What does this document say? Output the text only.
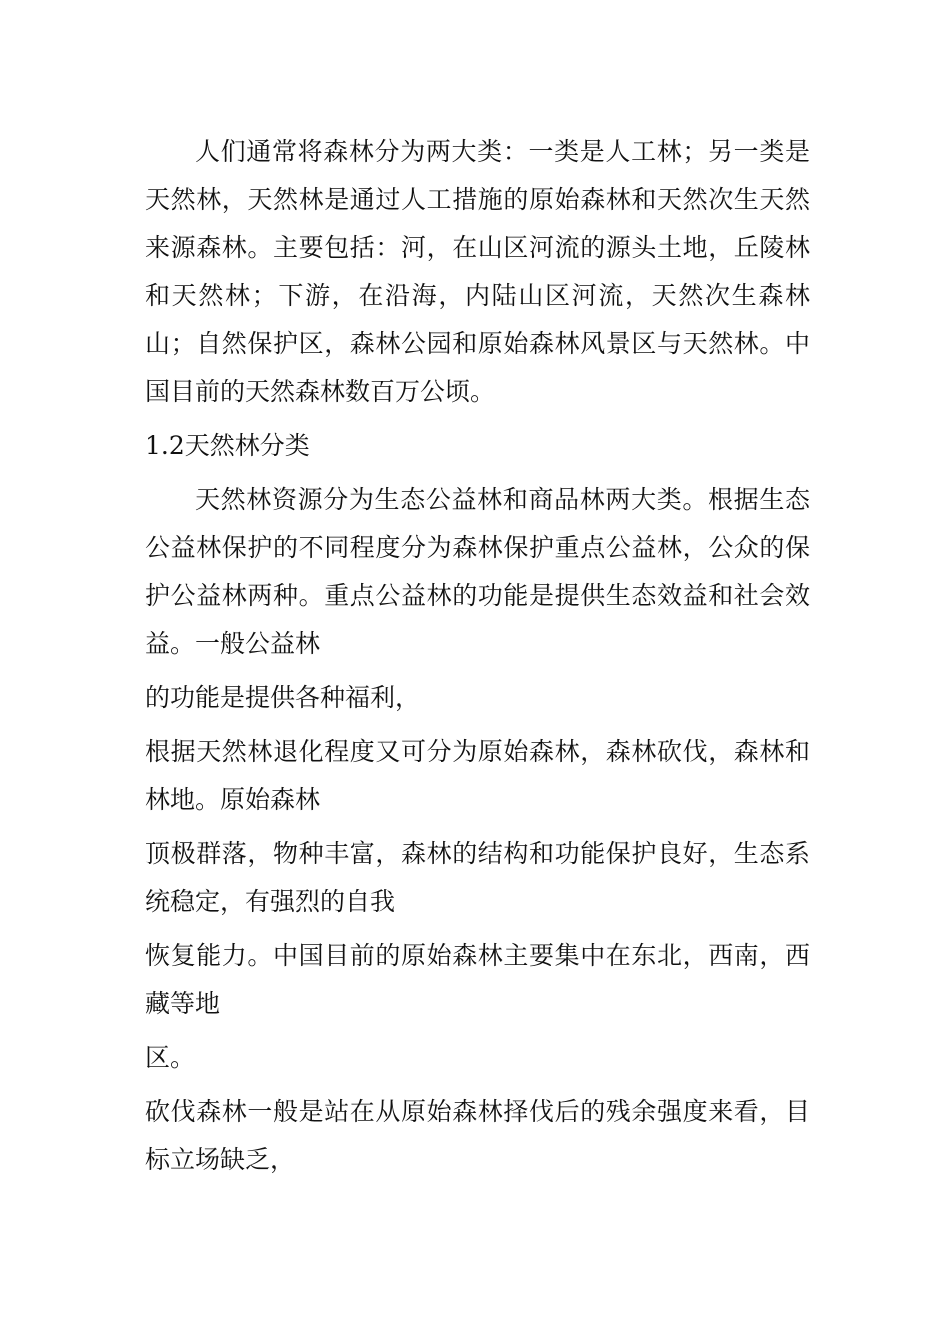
人们通常将森林分为两大类：一类是人工林；另一类是天然林，天然林是通过人工措施的原始森林和天然次生天然来源森林。主要包括：河，在山区河流的源头土地，丘陵林和天然林；下游，在沿海，内陆山区河流，天然次生森林山；自然保护区，森林公园和原始森林风景区与天然林。中国目前的天然森林数百万公顷。

1.2天然林分类

天然林资源分为生态公益林和商品林两大类。根据生态公益林保护的不同程度分为森林保护重点公益林，公众的保护公益林两种。重点公益林的功能是提供生态效益和社会效益。一般公益林

的功能是提供各种福利，

根据天然林退化程度又可分为原始森林，森林砍伐，森林和林地。原始森林

顶极群落，物种丰富，森林的结构和功能保护良好，生态系统稳定，有强烈的自我

恢复能力。中国目前的原始森林主要集中在东北，西南，西藏等地

区。

砍伐森林一般是站在从原始森林择伐后的残余强度来看，目标立场缺乏，
